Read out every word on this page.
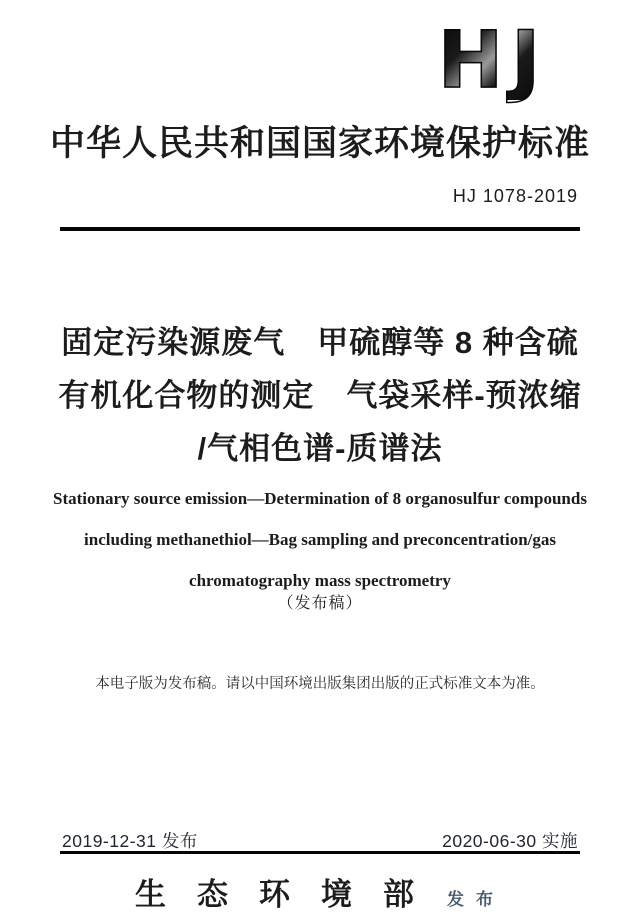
HJ
中华人民共和国国家环境保护标准
HJ 1078-2019
固定污染源废气　甲硫醇等 8 种含硫
有机化合物的测定　气袋采样-预浓缩
/气相色谱-质谱法
Stationary source emission—Determination of 8 organosulfur compounds
including methanethiol—Bag sampling and preconcentration/gas
chromatography mass spectrometry
（发布稿）
本电子版为发布稿。请以中国环境出版集团出版的正式标准文本为准。
2019-12-31 发布	2020-06-30 实施
生态环境部 发布
